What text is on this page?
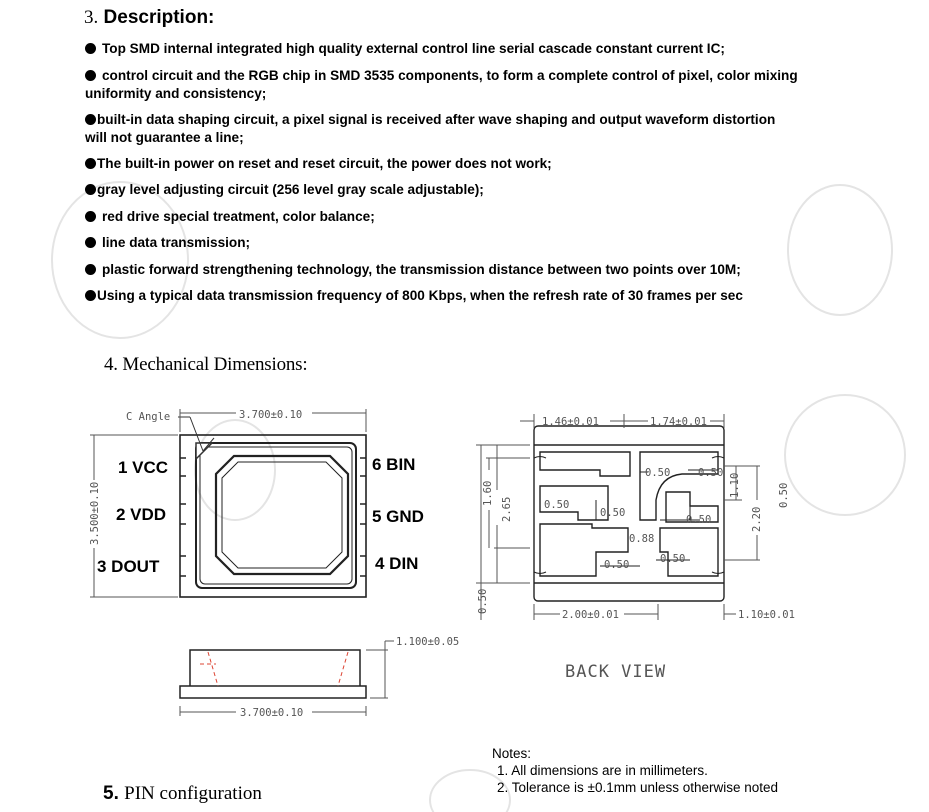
3. Description:
Top SMD internal integrated high quality external control line serial cascade constant current IC;
control circuit and the RGB chip in SMD 3535 components, to form a complete control of pixel, color mixing uniformity and consistency;
built-in data shaping circuit, a pixel signal is received after wave shaping and output waveform distortion will not guarantee a line;
The built-in power on reset and reset circuit, the power does not work;
gray level adjusting circuit (256 level gray scale adjustable);
red drive special treatment, color balance;
line data transmission;
plastic forward strengthening technology, the transmission distance between two points over 10M;
Using a typical data transmission frequency of 800 Kbps, when the refresh rate of 30 frames per sec
4. Mechanical Dimensions:
1 VCC
2 VDD
3 DOUT
6 BIN
5 GND
4 DIN
C Angle	3.700±0.10
3.500±0.10
1.100±0.05
3.700±0.10
1.46±0.01	1.74±0.01
2.00±0.01	1.10±0.01
1.60
2.65
0.50
1.10
2.20
0.50
0.50	0.50
0.50
0.50
0.50
0.88
0.50	0.50
BACK VIEW
Notes:
1. All dimensions are in millimeters.
2. Tolerance is ±0.1mm unless otherwise noted
5. PIN configuration
